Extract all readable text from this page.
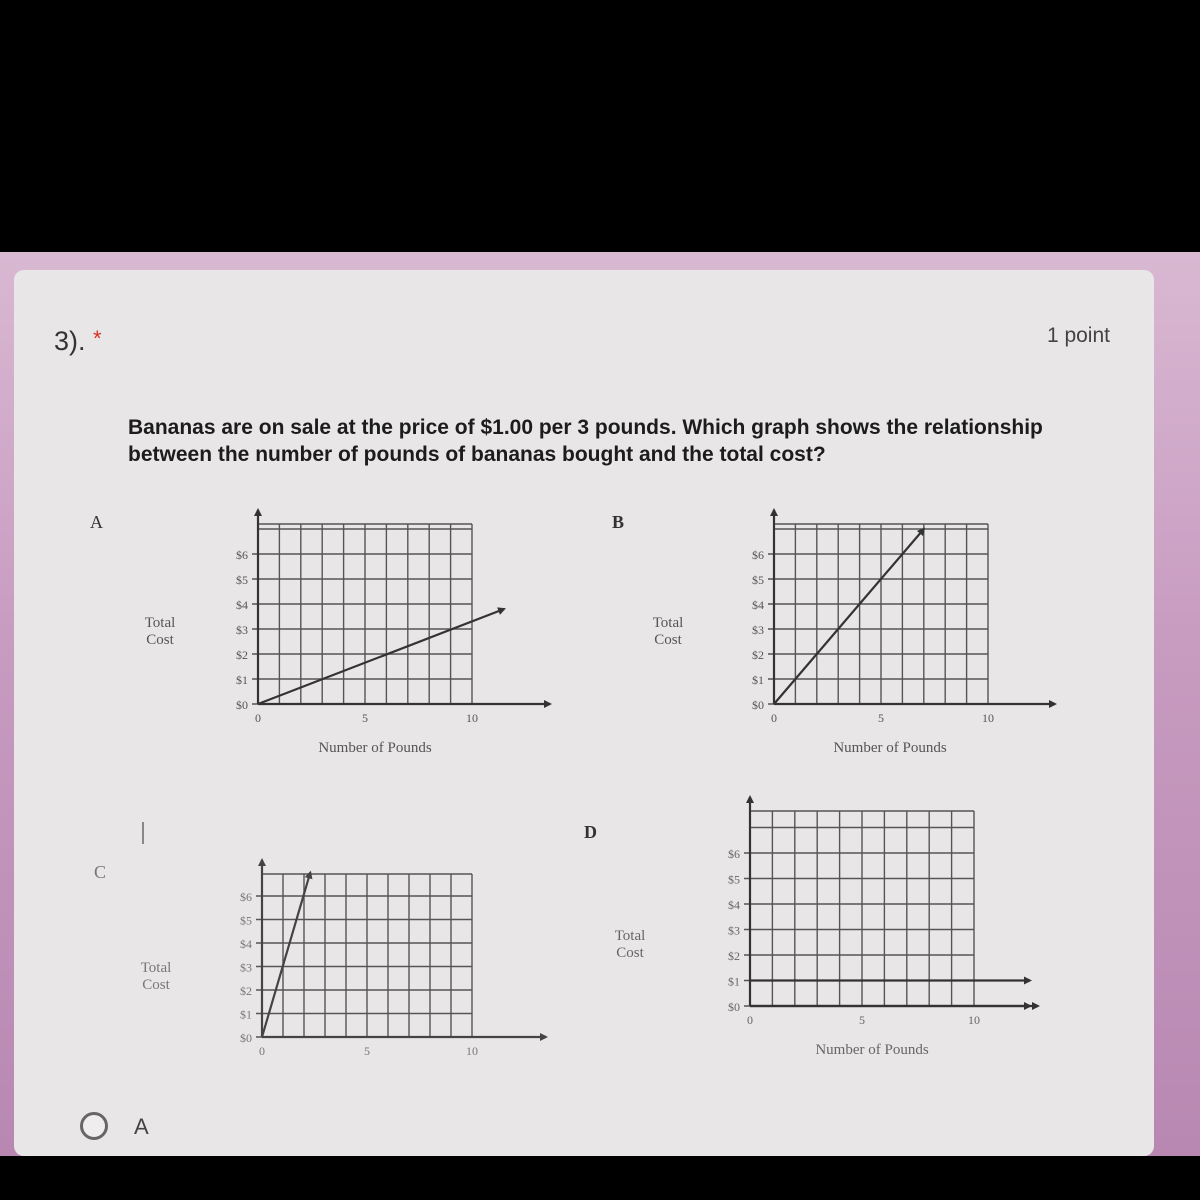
3). *	1 point
Bananas are on sale at the price of $1.00 per 3 pounds. Which graph shows the relationship between the number of pounds of bananas bought and the total cost?
A	B
C
D
$0
$1
$2
$3
$4
$5
$6
0	5	10
Total
Cost
Number of Pounds
$0
$1
$2
$3
$4
$5
$6
0	5	10
Total
Cost
Number of Pounds
$0
$1
$2
$3
$4
$5
$6
0	5	10
Total
Cost
$0
$1
$2
$3
$4
$5
$6
0	5	10
Total
Cost
Number of Pounds
A
